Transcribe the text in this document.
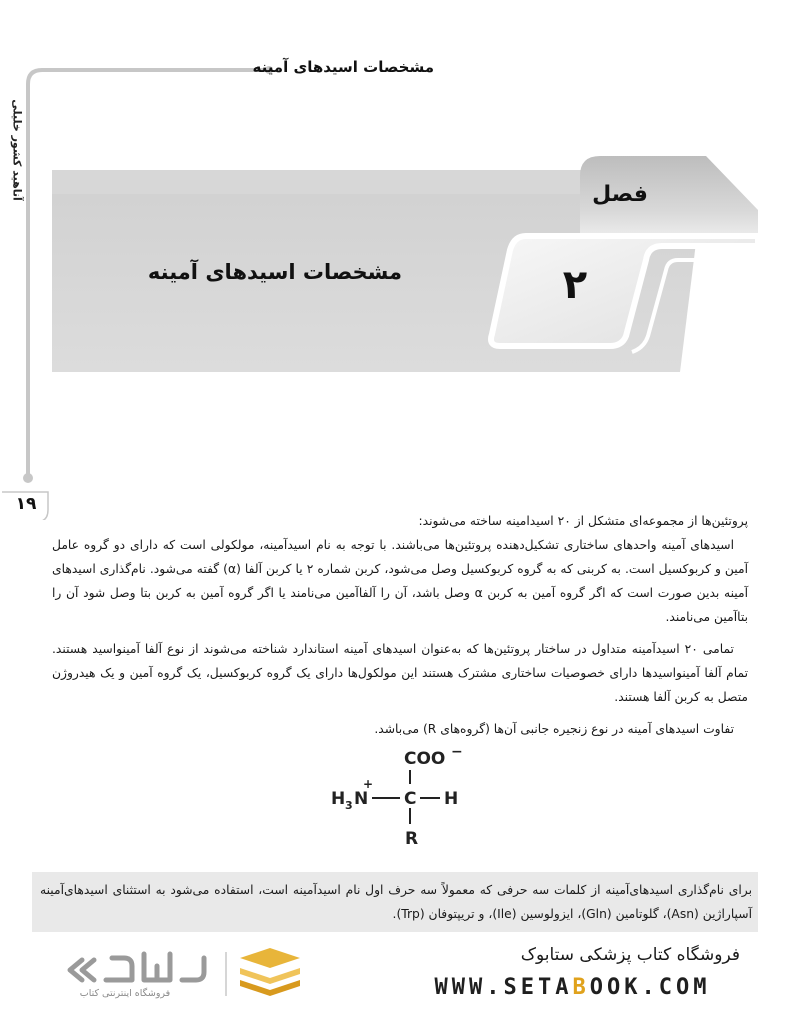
مشخصات اسیدهای آمینه
آناهید کشور خلیلی	فصل
۲
مشخصات اسیدهای آمینه
۱۹

پروتئین‌ها از مجموعه‌ای متشکل از ۲۰ اسیدامینه ساخته می‌شوند:

اسیدهای آمینه واحدهای ساختاری تشکیل‌دهنده پروتئین‌ها می‌باشند. با توجه به نام اسیدآمینه، مولکولی است که دارای دو گروه عامل آمین و کربوکسیل است. به کربنی که به گروه کربوکسیل وصل می‌شود، کربن شماره ۲ یا کربن آلفا (α) گفته می‌شود. نام‌گذاری اسیدهای آمینه بدین صورت است که اگر گروه آمین به کربن α وصل باشد، آن را آلفاآمین می‌نامند یا اگر گروه آمین به کربن بتا وصل شود آن را بتاآمین می‌نامند.

تمامی ۲۰ اسیدآمینه متداول در ساختار پروتئین‌ها که به‌عنوان اسیدهای آمینه استاندارد شناخته می‌شوند از نوع آلفا آمینواسید هستند. تمام آلفا آمینواسیدها دارای خصوصیات ساختاری مشترک هستند این مولکول‌ها دارای یک گروه کربوکسیل، یک گروه آمین و یک هیدروژن متصل به کربن آلفا هستند.

تفاوت اسیدهای آمینه در نوع زنجیره جانبی آن‌ها (گروه‌های R) می‌باشد.

COO −
H 3 N
+
C H
R

برای نام‌گذاری اسیدهای‌آمینه از کلمات سه حرفی که معمولاً سه حرف اول نام اسیدآمینه است، استفاده می‌شود به استثنای اسیدهای‌آمینه آسپاراژین (Asn)، گلوتامین (Gln)، ایزولوسین (Ile)، و تریپتوفان (Trp).

فروشگاه اینترنتی کتاب
فروشگاه کتاب پزشکی ستابوک
WWW.SETABOOK.COM
